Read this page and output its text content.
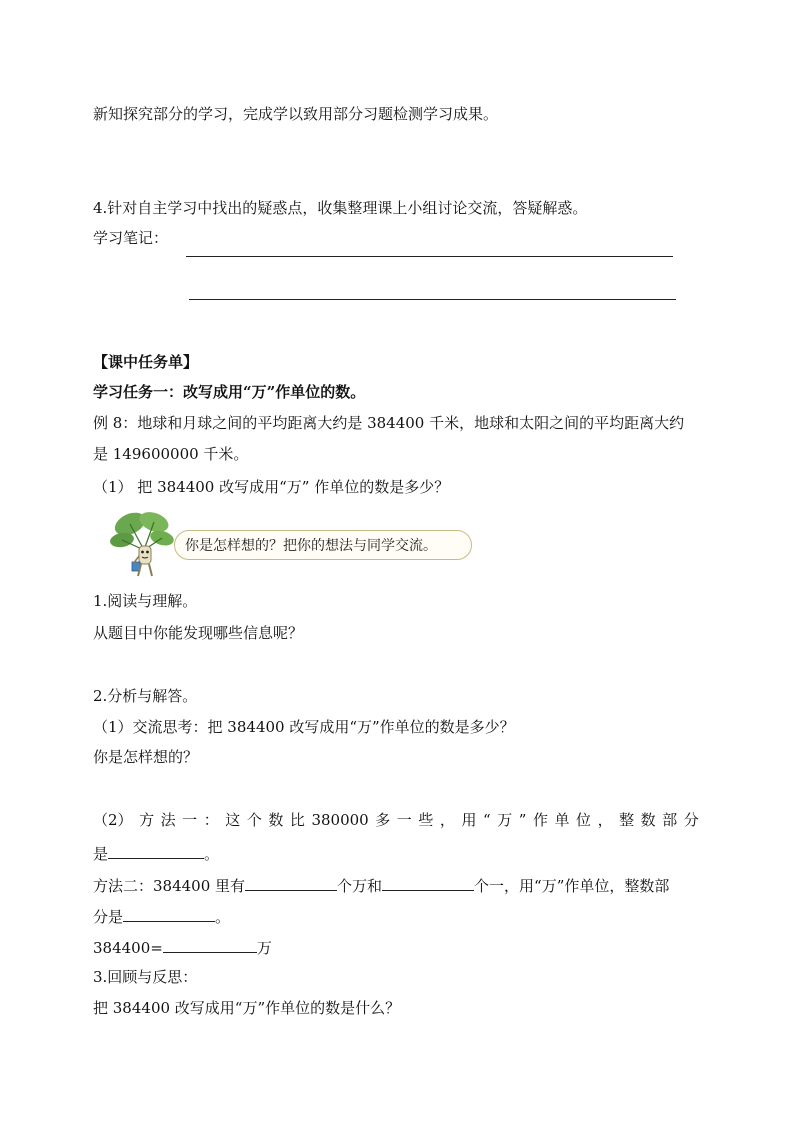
新知探究部分的学习，完成学以致用部分习题检测学习成果。
4.针对自主学习中找出的疑惑点，收集整理课上小组讨论交流，答疑解惑。
学习笔记：
【课中任务单】
学习任务一：改写成用“万”作单位的数。
例 8：地球和月球之间的平均距离大约是 384400 千米，地球和太阳之间的平均距离大约
是 149600000 千米。
（1） 把 384400 改写成用“万” 作单位的数是多少？
你是怎样想的？把你的想法与同学交流。
1.阅读与理解。
从题目中你能发现哪些信息呢？
2.分析与解答。
（1）交流思考：把 384400 改写成用“万”作单位的数是多少？
你是怎样想的？
（2） 方 法 一 ： 这 个 数 比 380000 多 一 些 ， 用 “ 万 ” 作 单 位 ， 整 数 部 分
是	。
方法二：384400 里有	个万和	个一，用“万”作单位，整数部
分是	。
384400=	万
3.回顾与反思：
把 384400 改写成用“万”作单位的数是什么？
